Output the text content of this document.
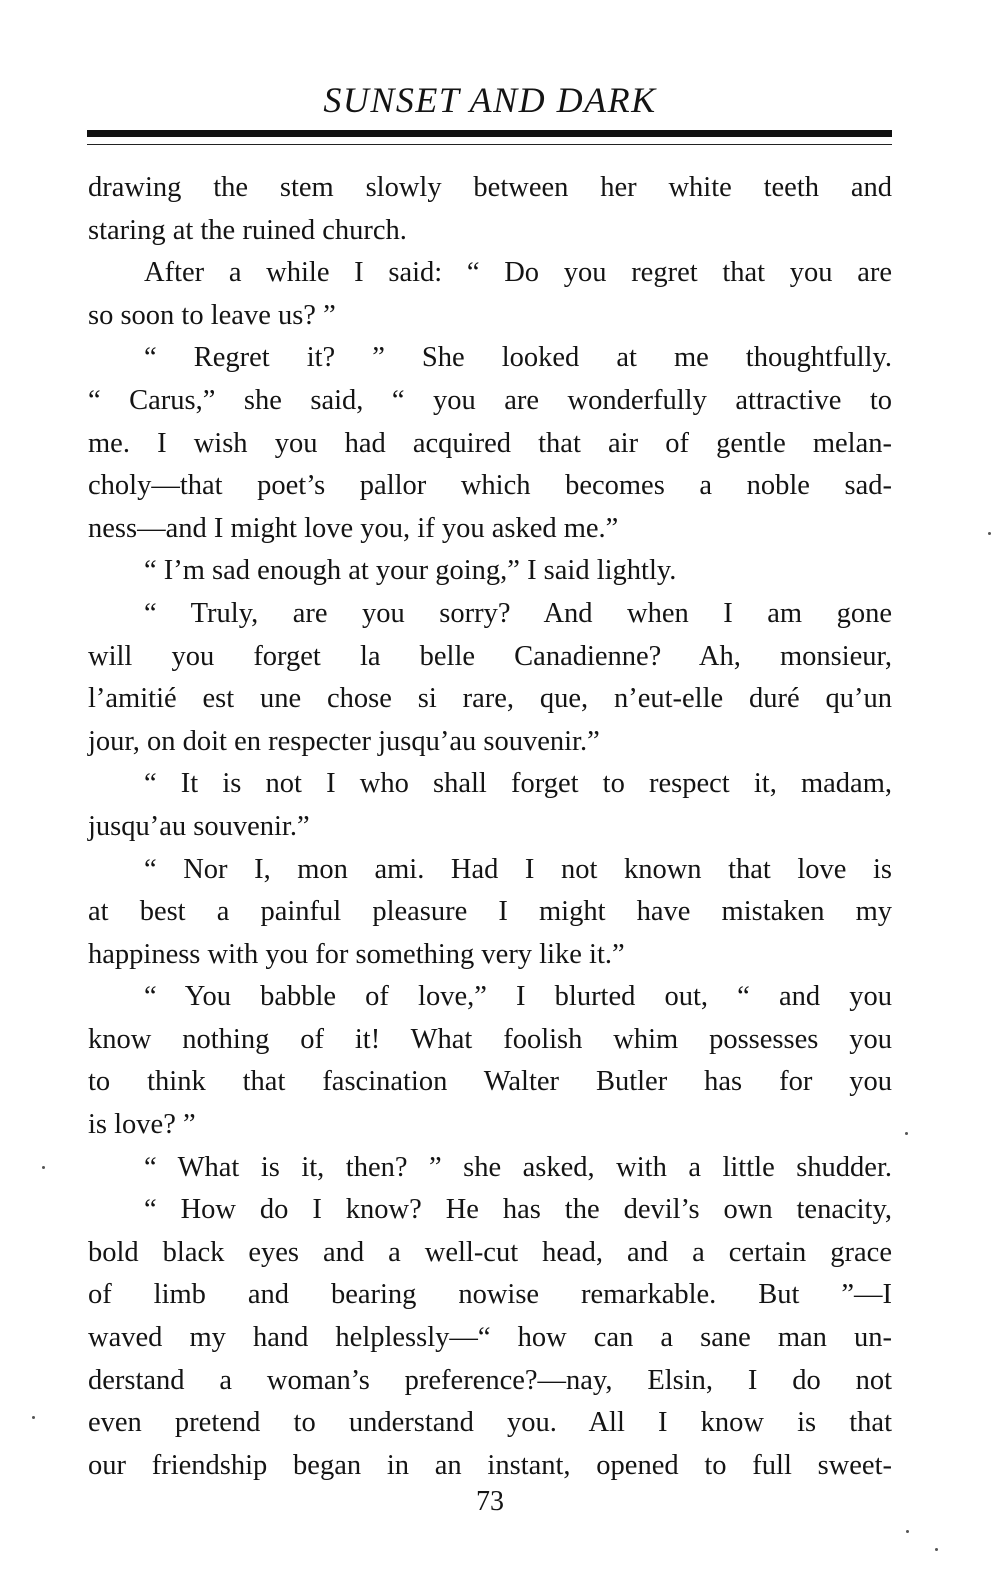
SUNSET AND DARK
drawing the stem slowly between her white teeth and
staring at the ruined church.
After a while I said: “ Do you regret that you are
so soon to leave us? ”
“ Regret it? ” She looked at me thoughtfully.
“ Carus,” she said, “ you are wonderfully attractive to
me. I wish you had acquired that air of gentle melan-
choly—that poet’s pallor which becomes a noble sad-
ness—and I might love you, if you asked me.”
“ I’m sad enough at your going,” I said lightly.
“ Truly, are you sorry? And when I am gone
will you forget la belle Canadienne? Ah, monsieur,
l’amitié est une chose si rare, que, n’eut-elle duré qu’un
jour, on doit en respecter jusqu’au souvenir.”
“ It is not I who shall forget to respect it, madam,
jusqu’au souvenir.”
“ Nor I, mon ami. Had I not known that love is
at best a painful pleasure I might have mistaken my
happiness with you for something very like it.”
“ You babble of love,” I blurted out, “ and you
know nothing of it! What foolish whim possesses you
to think that fascination Walter Butler has for you
is love? ”
“ What is it, then? ” she asked, with a little shudder.
“ How do I know? He has the devil’s own tenacity,
bold black eyes and a well-cut head, and a certain grace
of limb and bearing nowise remarkable. But ”—I
waved my hand helplessly—“ how can a sane man un-
derstand a woman’s preference?—nay, Elsin, I do not
even pretend to understand you. All I know is that
our friendship began in an instant, opened to full sweet-
73
